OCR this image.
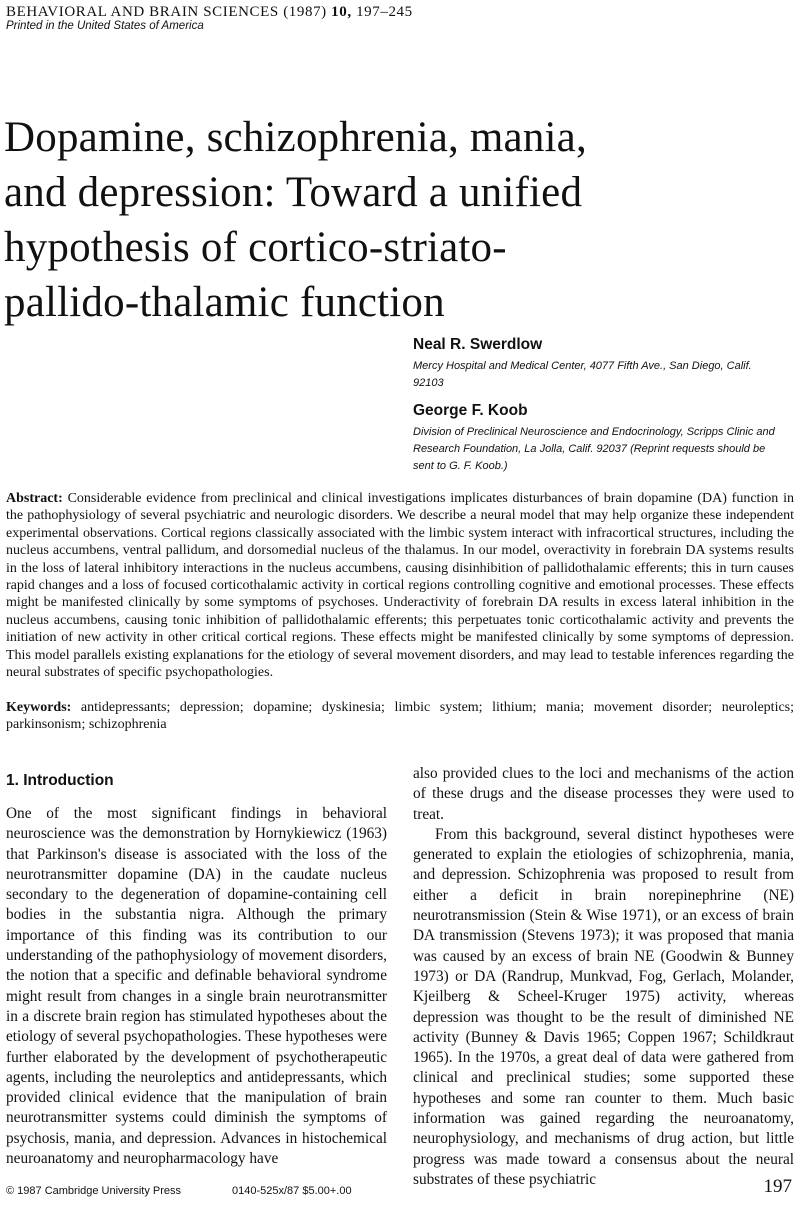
BEHAVIORAL AND BRAIN SCIENCES (1987) 10, 197–245
Printed in the United States of America
Dopamine, schizophrenia, mania,
and depression: Toward a unified
hypothesis of cortico-striato-
pallido-thalamic function
Neal R. Swerdlow
Mercy Hospital and Medical Center, 4077 Fifth Ave., San Diego, Calif.
92103
George F. Koob
Division of Preclinical Neuroscience and Endocrinology, Scripps Clinic and
Research Foundation, La Jolla, Calif. 92037 (Reprint requests should be
sent to G. F. Koob.)
Abstract: Considerable evidence from preclinical and clinical investigations implicates disturbances of brain dopamine (DA) function in the pathophysiology of several psychiatric and neurologic disorders. We describe a neural model that may help organize these independent experimental observations. Cortical regions classically associated with the limbic system interact with infracortical structures, including the nucleus accumbens, ventral pallidum, and dorsomedial nucleus of the thalamus. In our model, overactivity in forebrain DA systems results in the loss of lateral inhibitory interactions in the nucleus accumbens, causing disinhibition of pallidothalamic efferents; this in turn causes rapid changes and a loss of focused corticothalamic activity in cortical regions controlling cognitive and emotional processes. These effects might be manifested clinically by some symptoms of psychoses. Underactivity of forebrain DA results in excess lateral inhibition in the nucleus accumbens, causing tonic inhibition of pallidothalamic efferents; this perpetuates tonic corticothalamic activity and prevents the initiation of new activity in other critical cortical regions. These effects might be manifested clinically by some symptoms of depression. This model parallels existing explanations for the etiology of several movement disorders, and may lead to testable inferences regarding the neural substrates of specific psychopathologies.
Keywords: antidepressants; depression; dopamine; dyskinesia; limbic system; lithium; mania; movement disorder; neuroleptics; parkinsonism; schizophrenia
1. Introduction

One of the most significant findings in behavioral neuroscience was the demonstration by Hornykiewicz (1963) that Parkinson's disease is associated with the loss of the neurotransmitter dopamine (DA) in the caudate nucleus secondary to the degeneration of dopamine-containing cell bodies in the substantia nigra. Although the primary importance of this finding was its contribution to our understanding of the pathophysiology of movement disorders, the notion that a specific and definable behavioral syndrome might result from changes in a single brain neurotransmitter in a discrete brain region has stimulated hypotheses about the etiology of several psychopathologies. These hypotheses were further elaborated by the development of psychotherapeutic agents, including the neuroleptics and antidepressants, which provided clinical evidence that the manipulation of brain neurotransmitter systems could diminish the symptoms of psychosis, mania, and depression. Advances in histochemical neuroanatomy and neuropharmacology have

also provided clues to the loci and mechanisms of the action of these drugs and the disease processes they were used to treat.

From this background, several distinct hypotheses were generated to explain the etiologies of schizophrenia, mania, and depression. Schizophrenia was proposed to result from either a deficit in brain norepinephrine (NE) neurotransmission (Stein & Wise 1971), or an excess of brain DA transmission (Stevens 1973); it was proposed that mania was caused by an excess of brain NE (Goodwin & Bunney 1973) or DA (Randrup, Munkvad, Fog, Gerlach, Molander, Kjeilberg & Scheel-Kruger 1975) activity, whereas depression was thought to be the result of diminished NE activity (Bunney & Davis 1965; Coppen 1967; Schildkraut 1965). In the 1970s, a great deal of data were gathered from clinical and preclinical studies; some supported these hypotheses and some ran counter to them. Much basic information was gained regarding the neuroanatomy, neurophysiology, and mechanisms of drug action, but little progress was made toward a consensus about the neural substrates of these psychiatric

© 1987 Cambridge University Press	0140-525x/87 $5.00+.00	197
